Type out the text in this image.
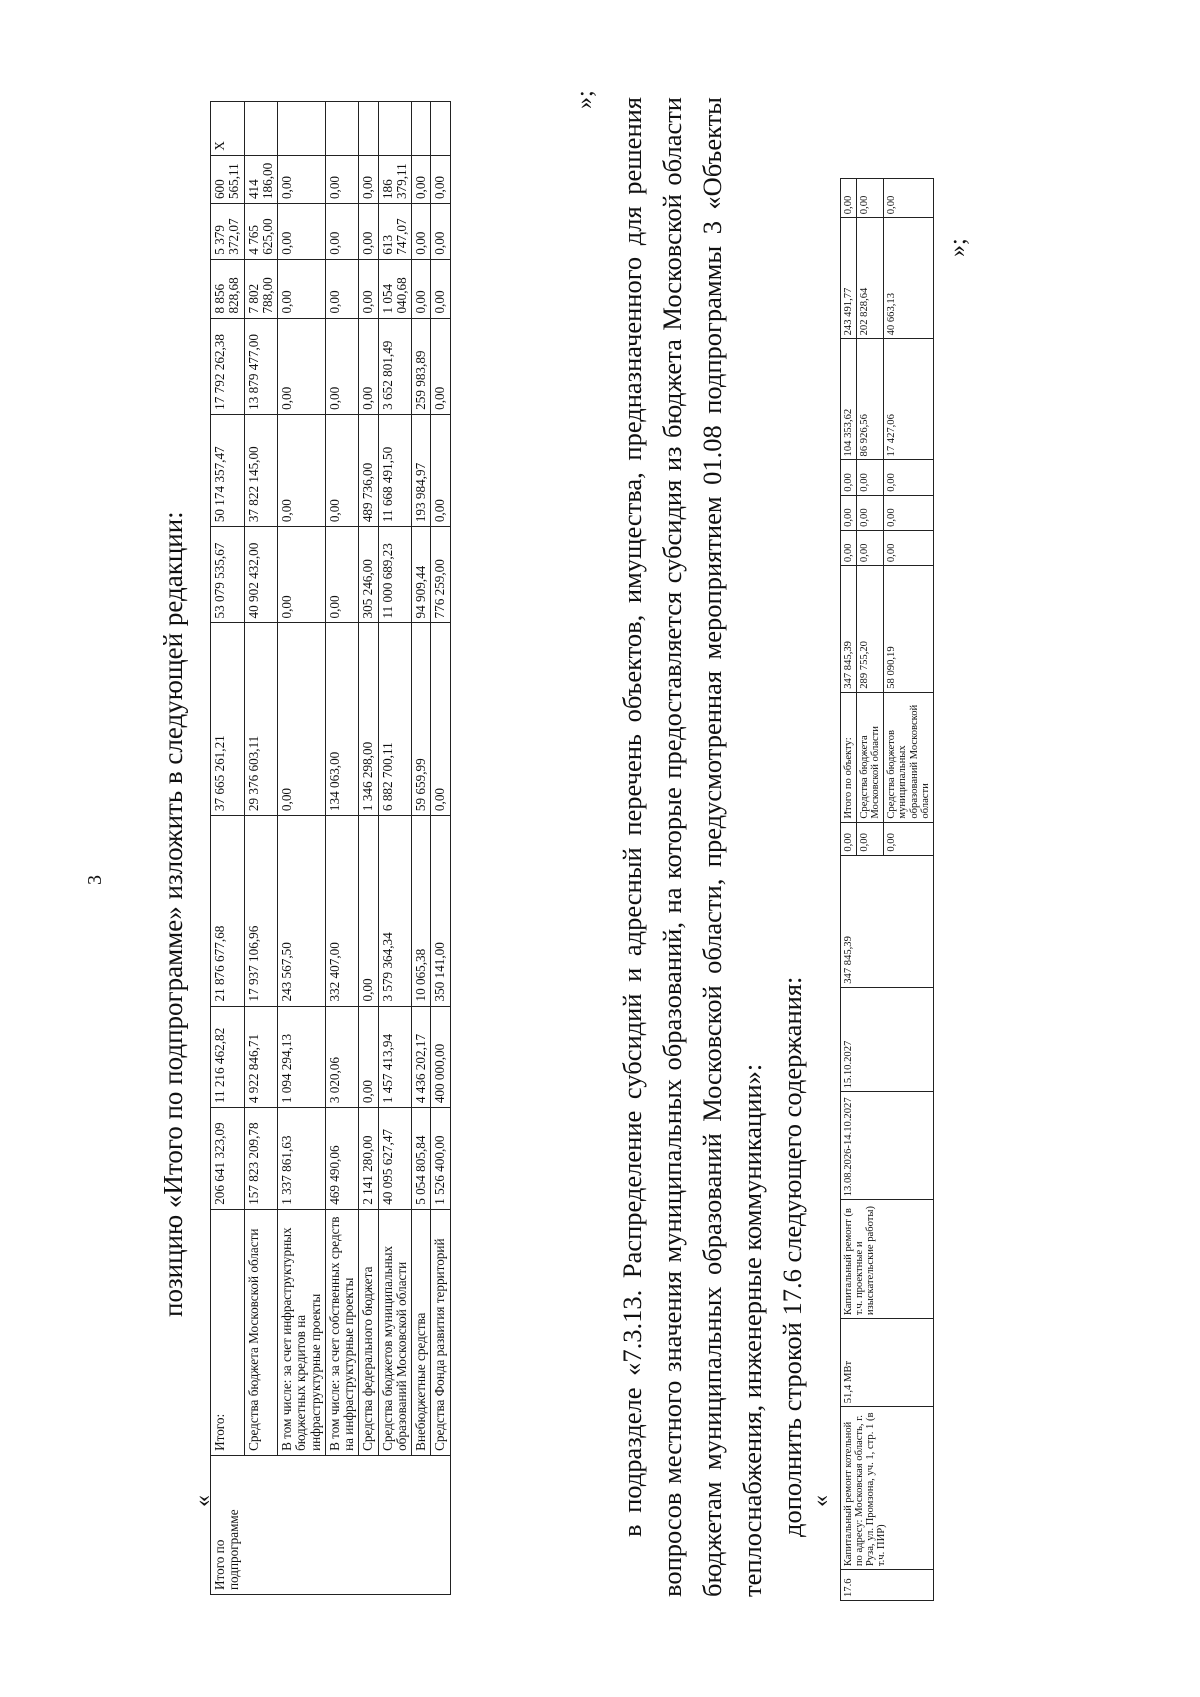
3 позицию «Итого по подпрограмме» изложить в следующей редакции:
«
Итого по подпрограмме	Итого:	206 641 323,09	11 216 462,82	21 876 677,68	37 665 261,21	53 079 535,67	50 174 357,47	17 792 262,38	8 856 828,68	5 379 372,07	600 565,11	X
	Средства бюджета Московской области	157 823 209,78	4 922 846,71	17 937 106,96	29 376 603,11	40 902 432,00	37 822 145,00	13 879 477,00	7 802 788,00	4 765 625,00	414 186,00	
	В том числе: за счет инфраструктурных бюджетных кредитов на инфраструктурные проекты	1 337 861,63	1 094 294,13	243 567,50	0,00	0,00	0,00	0,00	0,00	0,00	0,00	
	В том числе: за счет собственных средств на инфраструктурные проекты	469 490,06	3 020,06	332 407,00	134 063,00	0,00	0,00	0,00	0,00	0,00	0,00	
	Средства федерального бюджета	2 141 280,00	0,00	0,00	1 346 298,00	305 246,00	489 736,00	0,00	0,00	0,00	0,00	
	Средства бюджетов муниципальных образований Московской области	40 095 627,47	1 457 413,94	3 579 364,34	6 882 700,11	11 000 689,23	11 668 491,50	3 652 801,49	1 054 040,68	613 747,07	186 379,11	
	Внебюджетные средства	5 054 805,84	4 436 202,17	10 065,38	59 659,99	94 909,44	193 984,97	259 983,89	0,00	0,00	0,00	
	Средства Фонда развития территорий	1 526 400,00	400 000,00	350 141,00	0,00	776 259,00	0,00	0,00	0,00	0,00	0,00	
»; в подразделе «7.3.13. Распределение субсидий и адресный перечень объектов, имущества, предназначенного для решения вопросов местного значения муниципальных образований, на которые предоставляется субсидия из бюджета Московской области бюджетам муниципальных образований Московской области, предусмотренная мероприятием 01.08 подпрограммы 3 «Объекты теплоснабжения, инженерные коммуникации»: дополнить строкой 17.6 следующего содержания: «
17.6	Капитальный ремонт котельной по адресу: Московская область, г. Руза, ул. Промзона, уч. 1, стр. 1 (в т.ч. ПИР)	51,4 МВт	Капитальный ремонт (в т.ч. проектные и изыскательские работы)	13.08.2026-14.10.2027	15.10.2027	347 845,39	0,00	Итого по объекту:	347 845,39	0,00	0,00	0,00	104 353,62	243 491,77	0,00
							0,00	Средства бюджета Московской области	289 755,20	0,00	0,00	0,00	86 926,56	202 828,64	0,00
							0,00	Средства бюджетов муниципальных образований Московской области	58 090,19	0,00	0,00	0,00	17 427,06	40 663,13	0,00
»;
